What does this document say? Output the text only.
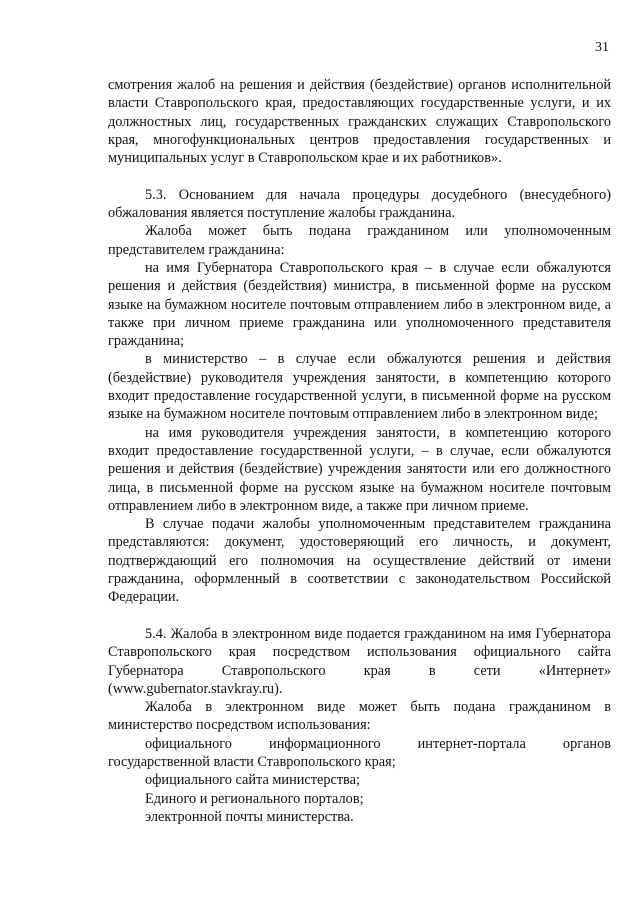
31

смотрения жалоб на решения и действия (бездействие) органов исполнительной власти Ставропольского края, предоставляющих государственные услуги, и их должностных лиц, государственных гражданских служащих Ставропольского края, многофункциональных центров предоставления государственных и муниципальных услуг в Ставропольском крае и их работников».

5.3. Основанием для начала процедуры досудебного (внесудебного) обжалования является поступление жалобы гражданина.

Жалоба может быть подана гражданином или уполномоченным представителем гражданина:

на имя Губернатора Ставропольского края – в случае если обжалуются решения и действия (бездействия) министра, в письменной форме на русском языке на бумажном носителе почтовым отправлением либо в электронном виде, а также при личном приеме гражданина или уполномоченного представителя гражданина;

в министерство – в случае если обжалуются решения и действия (бездействие) руководителя учреждения занятости, в компетенцию которого входит предоставление государственной услуги, в письменной форме на русском языке на бумажном носителе почтовым отправлением либо в электронном виде;

на имя руководителя учреждения занятости, в компетенцию которого входит предоставление государственной услуги, – в случае, если обжалуются решения и действия (бездействие) учреждения занятости или его должностного лица, в письменной форме на русском языке на бумажном носителе почтовым отправлением либо в электронном виде, а также при личном приеме.

В случае подачи жалобы уполномоченным представителем гражданина представляются: документ, удостоверяющий его личность, и документ, подтверждающий его полномочия на осуществление действий от имени гражданина, оформленный в соответствии с законодательством Российской Федерации.

5.4. Жалоба в электронном виде подается гражданином на имя Губернатора Ставропольского края посредством использования официального сайта Губернатора Ставропольского края в сети «Интернет» (www.gubernator.stavkray.ru).

Жалоба в электронном виде может быть подана гражданином в министерство посредством использования:

официального информационного интернет-портала органов государственной власти Ставропольского края;

официального сайта министерства;

Единого и регионального порталов;

электронной почты министерства.
